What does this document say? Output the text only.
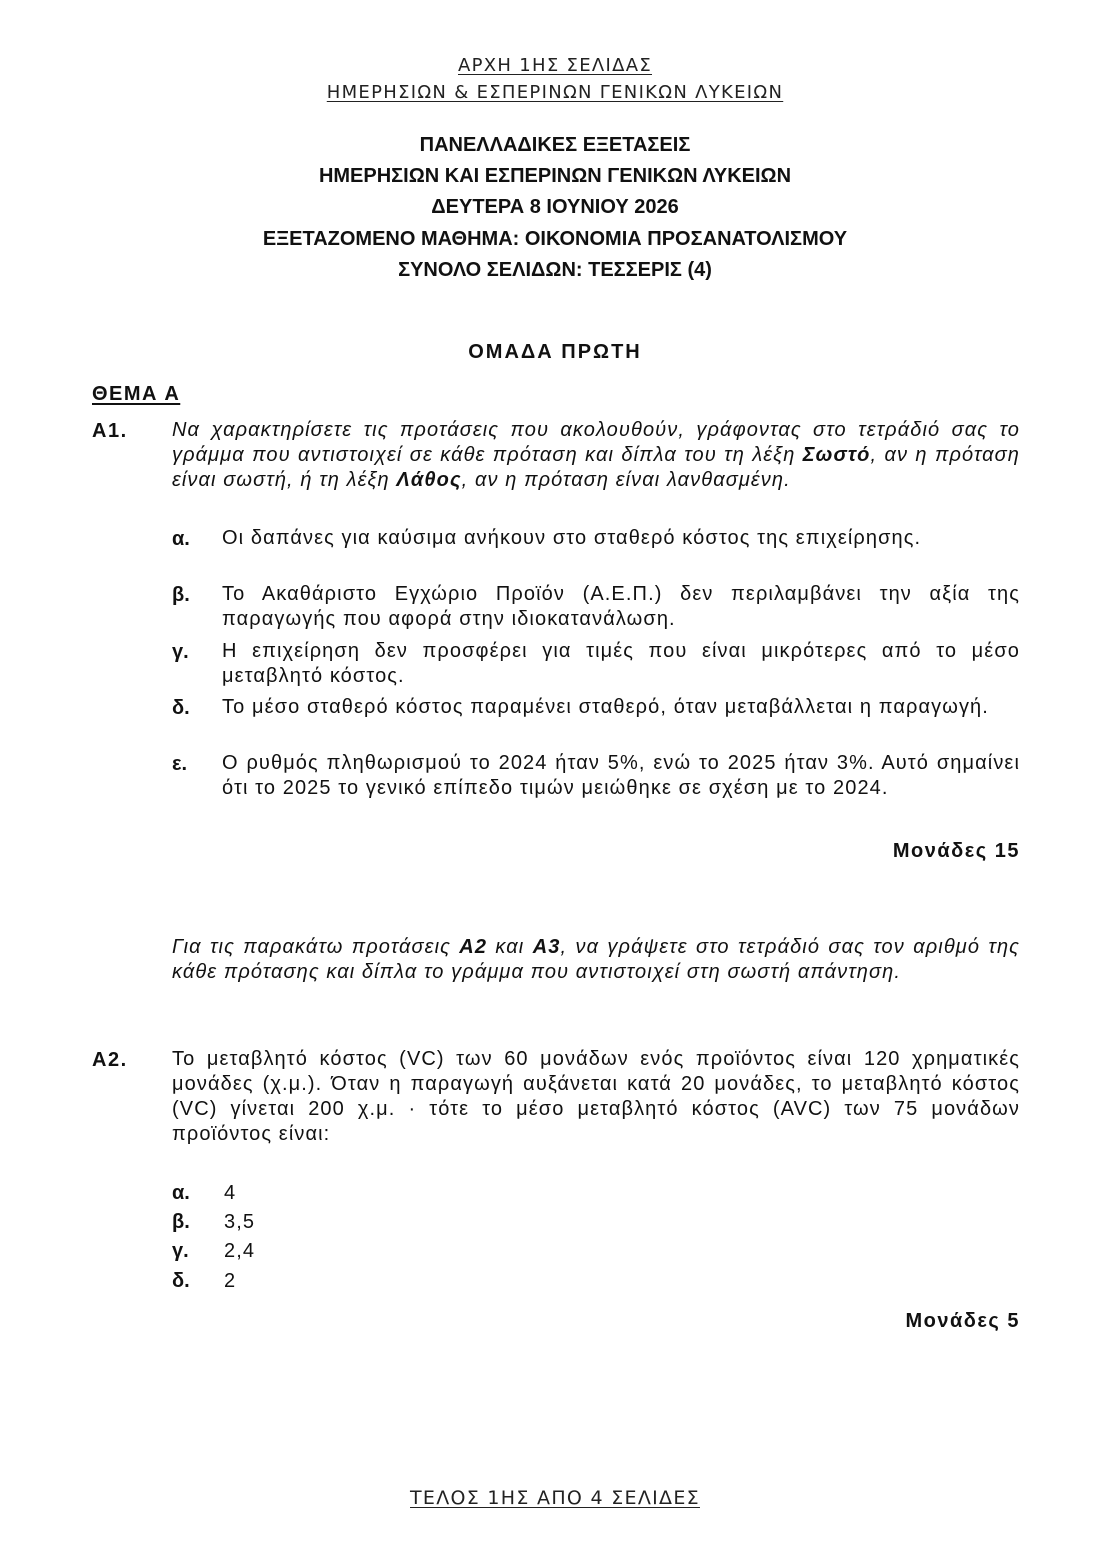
ΑΡΧΗ 1ΗΣ ΣΕΛΙΔΑΣ
ΗΜΕΡΗΣΙΩΝ & ΕΣΠΕΡΙΝΩΝ ΓΕΝΙΚΩΝ ΛΥΚΕΙΩΝ
ΠΑΝΕΛΛΑΔΙΚΕΣ ΕΞΕΤΑΣΕΙΣ
ΗΜΕΡΗΣΙΩΝ ΚΑΙ ΕΣΠΕΡΙΝΩΝ ΓΕΝΙΚΩΝ ΛΥΚΕΙΩΝ
ΔΕΥΤΕΡΑ 8 ΙΟΥΝΙΟΥ 2026
ΕΞΕΤΑΖΟΜΕΝΟ ΜΑΘΗΜΑ: ΟΙΚΟΝΟΜΙΑ ΠΡΟΣΑΝΑΤΟΛΙΣΜΟΥ
ΣΥΝΟΛΟ ΣΕΛΙΔΩΝ: ΤΕΣΣΕΡΙΣ (4)
ΟΜΑΔΑ ΠΡΩΤΗ
ΘΕΜΑ Α
Α1. Να χαρακτηρίσετε τις προτάσεις που ακολουθούν, γράφοντας στο τετράδιό σας το γράμμα που αντιστοιχεί σε κάθε πρόταση και δίπλα του τη λέξη Σωστό, αν η πρόταση είναι σωστή, ή τη λέξη Λάθος, αν η πρόταση είναι λανθασμένη.
α. Οι δαπάνες για καύσιμα ανήκουν στο σταθερό κόστος της επιχείρησης.
β. Το Ακαθάριστο Εγχώριο Προϊόν (Α.Ε.Π.) δεν περιλαμβάνει την αξία της παραγωγής που αφορά στην ιδιοκατανάλωση.
γ. Η επιχείρηση δεν προσφέρει για τιμές που είναι μικρότερες από το μέσο μεταβλητό κόστος.
δ. Το μέσο σταθερό κόστος παραμένει σταθερό, όταν μεταβάλλεται η παραγωγή.
ε. Ο ρυθμός πληθωρισμού το 2024 ήταν 5%, ενώ το 2025 ήταν 3%. Αυτό σημαίνει ότι το 2025 το γενικό επίπεδο τιμών μειώθηκε σε σχέση με το 2024.
Μονάδες 15
Για τις παρακάτω προτάσεις Α2 και Α3, να γράψετε στο τετράδιό σας τον αριθμό της κάθε πρότασης και δίπλα το γράμμα που αντιστοιχεί στη σωστή απάντηση.
Α2. Το μεταβλητό κόστος (VC) των 60 μονάδων ενός προϊόντος είναι 120 χρηματικές μονάδες (χ.μ.). Όταν η παραγωγή αυξάνεται κατά 20 μονάδες, το μεταβλητό κόστος (VC) γίνεται 200 χ.μ. · τότε το μέσο μεταβλητό κόστος (AVC) των 75 μονάδων προϊόντος είναι:
α. 4
β. 3,5
γ. 2,4
δ. 2
Μονάδες 5
ΤΕΛΟΣ 1ΗΣ ΑΠΟ 4 ΣΕΛΙΔΕΣ
